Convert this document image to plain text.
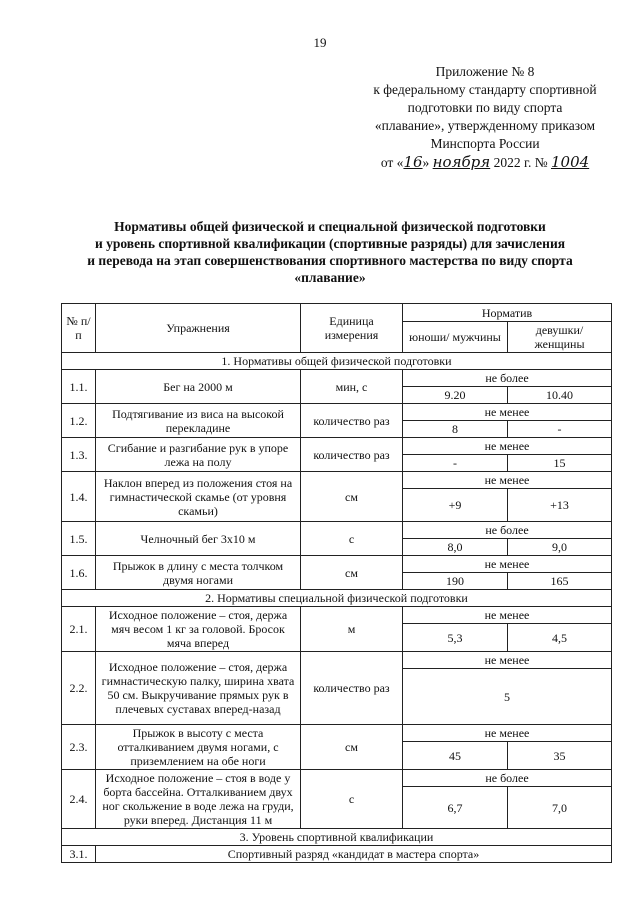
19
Приложение № 8
к федеральному стандарту спортивной
подготовки по виду спорта
«плавание», утвержденному приказом
Минспорта России
от «16» ноября 2022 г. № 1004
Нормативы общей физической и специальной физической подготовки
и уровень спортивной квалификации (спортивные разряды) для зачисления
и перевода на этап совершенствования спортивного мастерства по виду спорта
«плавание»
№ п/п	Упражнения	Единица измерения	Норматив	
			юноши/ мужчины	девушки/ женщины
1. Нормативы общей физической подготовки				
1.1.	Бег на 2000 м	мин, с	не более	
			9.20	10.40
1.2.	Подтягивание из виса на высокой перекладине	количество раз	не менее	
			8	-
1.3.	Сгибание и разгибание рук в упоре лежа на полу	количество раз	не менее	
			-	15
1.4.	Наклон вперед из положения стоя на гимнастической скамье (от уровня скамьи)	см	не менее	
			+9	+13
1.5.	Челночный бег 3х10 м	с	не более	
			8,0	9,0
1.6.	Прыжок в длину с места толчком двумя ногами	см	не менее	
			190	165
2. Нормативы специальной физической подготовки				
2.1.	Исходное положение – стоя, держа мяч весом 1 кг за головой. Бросок мяча вперед	м	не менее	
			5,3	4,5
2.2.	Исходное положение – стоя, держа гимнастическую палку, ширина хвата 50 см. Выкручивание прямых рук в плечевых суставах вперед-назад	количество раз	не менее	
			5	
2.3.	Прыжок в высоту с места отталкиванием двумя ногами, с приземлением на обе ноги	см	не менее	
			45	35
2.4.	Исходное положение – стоя в воде у борта бассейна. Отталкиванием двух ног скольжение в воде лежа на груди, руки вперед. Дистанция 11 м	с	не более	
			6,7	7,0
3. Уровень спортивной квалификации				
3.1.	Спортивный разряд «кандидат в мастера спорта»			
